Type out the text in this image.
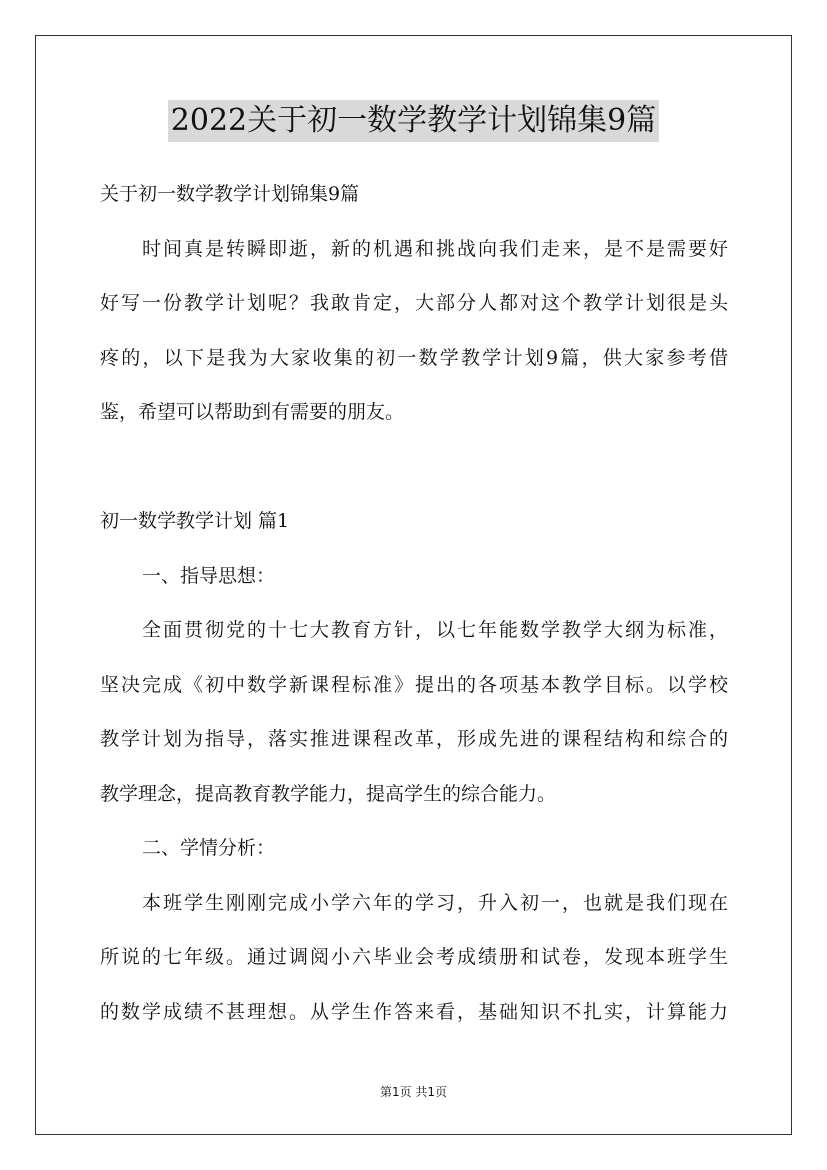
2022关于初一数学教学计划锦集9篇
关于初一数学教学计划锦集9篇
时间真是转瞬即逝，新的机遇和挑战向我们走来，是不是需要好
好写一份教学计划呢？我敢肯定，大部分人都对这个教学计划很是头
疼的，以下是我为大家收集的初一数学教学计划9篇，供大家参考借
鉴，希望可以帮助到有需要的朋友。
初一数学教学计划 篇1
一、指导思想：
全面贯彻党的十七大教育方针，以七年能数学教学大纲为标准，
坚决完成《初中数学新课程标准》提出的各项基本教学目标。以学校
教学计划为指导，落实推进课程改革，形成先进的课程结构和综合的
教学理念，提高教育教学能力，提高学生的综合能力。
二、学情分析：
本班学生刚刚完成小学六年的学习，升入初一，也就是我们现在
所说的七年级。通过调阅小六毕业会考成绩册和试卷，发现本班学生
的数学成绩不甚理想。从学生作答来看，基础知识不扎实，计算能力
第1页 共1页
